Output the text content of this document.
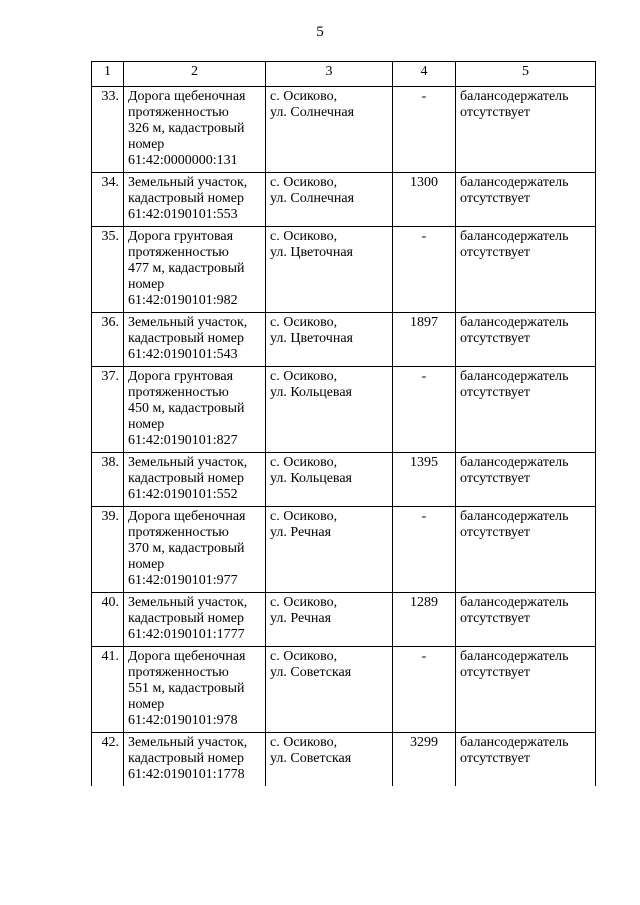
5
1	2	3	4	5
33.	Дорога щебеночная
протяженностью
326 м, кадастровый
номер
61:42:0000000:131	с. Осиково,
ул. Солнечная	-	балансодержатель
отсутствует

34.	Земельный участок,
кадастровый номер
61:42:0190101:553	с. Осиково,
ул. Солнечная	1300	балансодержатель
отсутствует

35.	Дорога грунтовая
протяженностью
477 м, кадастровый
номер
61:42:0190101:982	с. Осиково,
ул. Цветочная	-	балансодержатель
отсутствует

36.	Земельный участок,
кадастровый номер
61:42:0190101:543	с. Осиково,
ул. Цветочная	1897	балансодержатель
отсутствует

37.	Дорога грунтовая
протяженностью
450 м, кадастровый
номер
61:42:0190101:827	с. Осиково,
ул. Кольцевая	-	балансодержатель
отсутствует

38.	Земельный участок,
кадастровый номер
61:42:0190101:552	с. Осиково,
ул. Кольцевая	1395	балансодержатель
отсутствует

39.	Дорога щебеночная
протяженностью
370 м, кадастровый
номер
61:42:0190101:977	с. Осиково,
ул. Речная	-	балансодержатель
отсутствует

40.	Земельный участок,
кадастровый номер
61:42:0190101:1777	с. Осиково,
ул. Речная	1289	балансодержатель
отсутствует

41.	Дорога щебеночная
протяженностью
551 м, кадастровый
номер
61:42:0190101:978	с. Осиково,
ул. Советская	-	балансодержатель
отсутствует

42.	Земельный участок,
кадастровый номер
61:42:0190101:1778	с. Осиково,
ул. Советская	3299	балансодержатель
отсутствует
